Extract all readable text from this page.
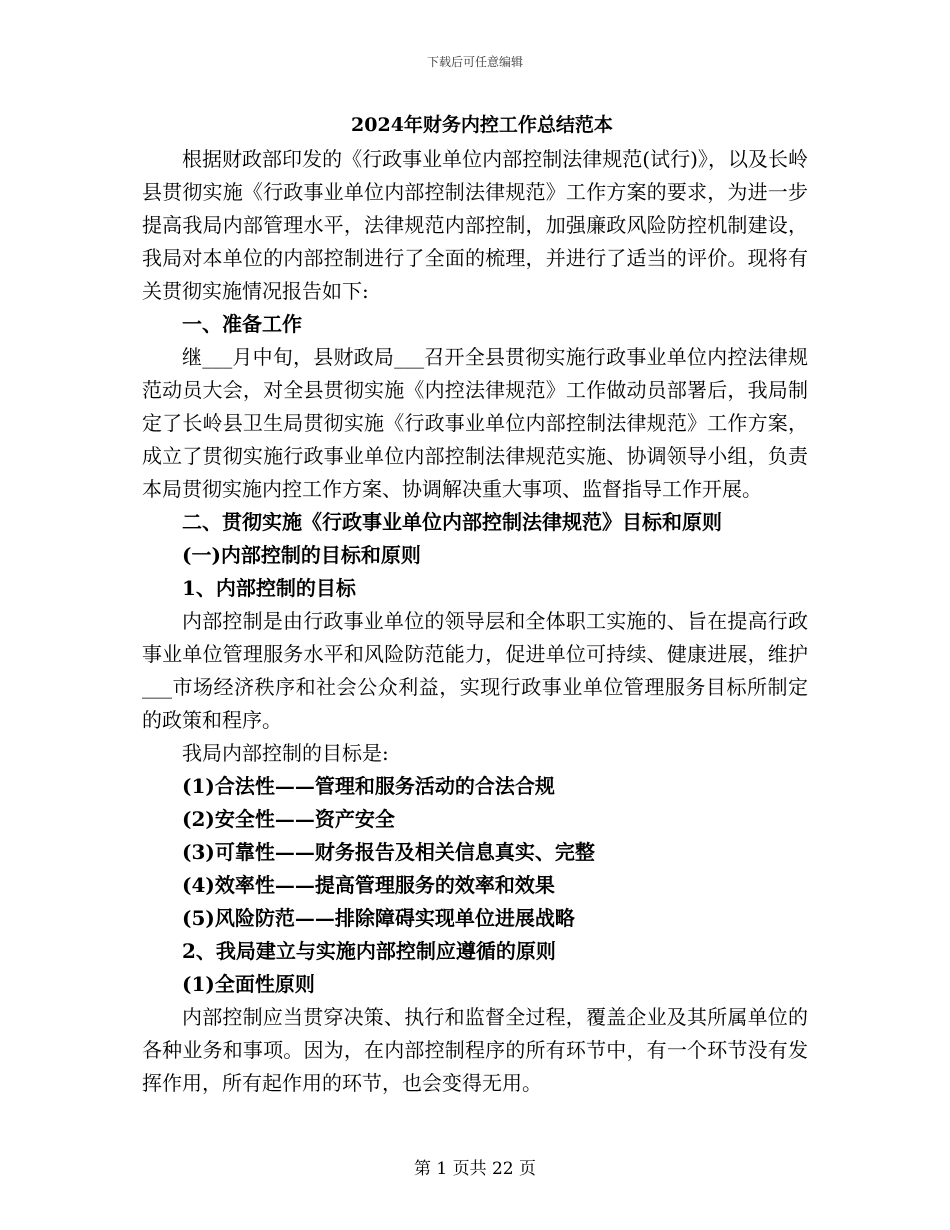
下载后可任意编辑
2024年财务内控工作总结范本
根据财政部印发的《行政事业单位内部控制法律规范(试行)》，以及长岭县贯彻实施《行政事业单位内部控制法律规范》工作方案的要求，为进一步提高我局内部管理水平，法律规范内部控制，加强廉政风险防控机制建设，我局对本单位的内部控制进行了全面的梳理，并进行了适当的评价。现将有关贯彻实施情况报告如下:
一、准备工作
继___月中旬，县财政局___召开全县贯彻实施行政事业单位内控法律规范动员大会，对全县贯彻实施《内控法律规范》工作做动员部署后，我局制定了长岭县卫生局贯彻实施《行政事业单位内部控制法律规范》工作方案，成立了贯彻实施行政事业单位内部控制法律规范实施、协调领导小组，负责本局贯彻实施内控工作方案、协调解决重大事项、监督指导工作开展。
二、贯彻实施《行政事业单位内部控制法律规范》目标和原则
(一)内部控制的目标和原则
1、内部控制的目标
内部控制是由行政事业单位的领导层和全体职工实施的、旨在提高行政事业单位管理服务水平和风险防范能力，促进单位可持续、健康进展，维护___市场经济秩序和社会公众利益，实现行政事业单位管理服务目标所制定的政策和程序。
我局内部控制的目标是:
(1)合法性——管理和服务活动的合法合规
(2)安全性——资产安全
(3)可靠性——财务报告及相关信息真实、完整
(4)效率性——提高管理服务的效率和效果
(5)风险防范——排除障碍实现单位进展战略
2、我局建立与实施内部控制应遵循的原则
(1)全面性原则
内部控制应当贯穿决策、执行和监督全过程，覆盖企业及其所属单位的各种业务和事项。因为，在内部控制程序的所有环节中，有一个环节没有发挥作用，所有起作用的环节，也会变得无用。
第 1 页共 22 页
